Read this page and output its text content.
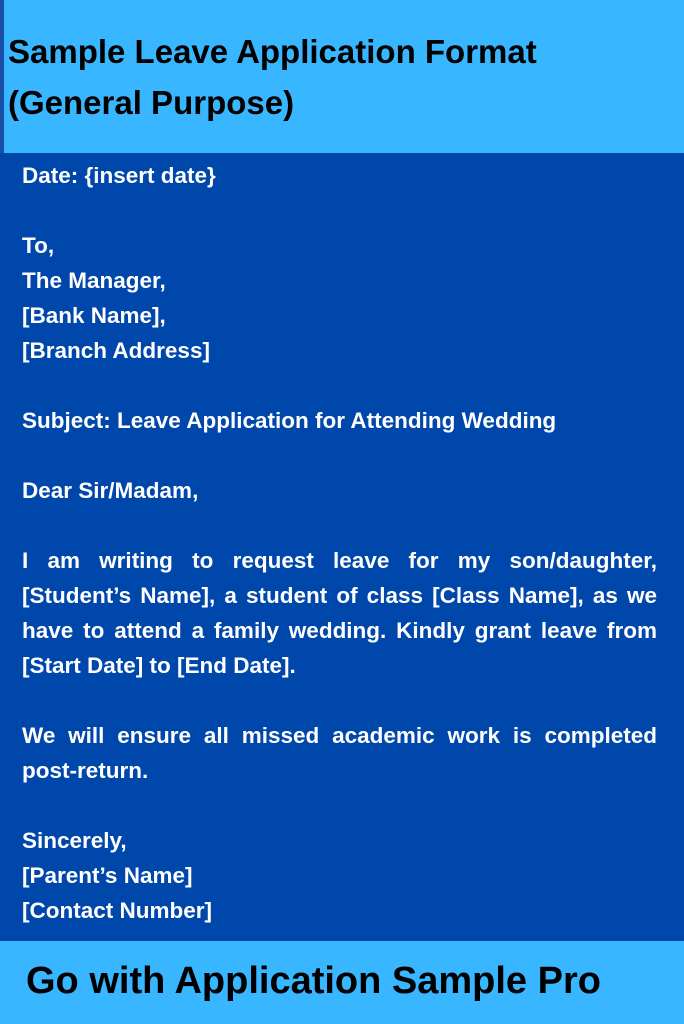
Sample Leave Application Format
(General Purpose)

Date: {insert date}

To,

The Manager,

[Bank Name],

[Branch Address]

Subject: Leave Application for Attending Wedding

Dear Sir/Madam,

I am writing to request leave for my son/daughter, [Student’s Name], a student of class [Class Name], as we have to attend a family wedding. Kindly grant leave from [Start Date] to [End Date].

We will ensure all missed academic work is completed post-return.

Sincerely,

[Parent’s Name]

[Contact Number]

Go with Application Sample Pro
